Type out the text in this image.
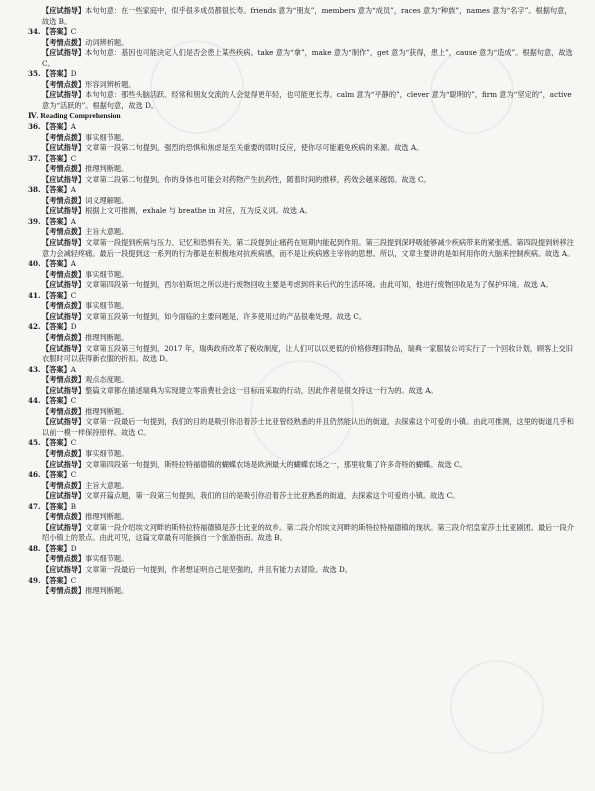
【应试指导】本句句意：在一些家庭中，似乎很多成员都很长寿。friends 意为“朋友”，members 意为“成员”，races 意为“种族”，names 意为“名字”。根据句意，故选 B。
34.【答案】C
【考情点拨】动词辨析题。
【应试指导】本句句意：基因也可能决定人们是否会患上某些疾病。take 意为“拿”，make 意为“制作”，get 意为“获得，患上”，cause 意为“造成”。根据句意，故选 C。
35.【答案】D
【考情点拨】形容词辨析题。
【应试指导】本句句意：那些头脑活跃、经常和朋友交流的人会觉得更年轻，也可能更长寿。calm 意为“平静的”，clever 意为“聪明的”，firm 意为“坚定的”，active 意为“活跃的”。根据句意，故选 D。
Ⅳ. Reading Comprehension
36.【答案】A
【考情点拨】事实细节题。
【应试指导】文章第一段第二句提到，强烈的恐惧和焦虑是至关重要的即时反应，使你尽可能避免疾病的来源。故选 A。
37.【答案】C
【考情点拨】推理判断题。
【应试指导】文章第二段第二句提到，你的身体也可能会对药物产生抗药性，随着时间的推移，药效会越来越弱。故选 C。
38.【答案】A
【考情点拨】词义理解题。
【应试指导】根据上文可推测，exhale 与 breathe in 对应，互为反义词。故选 A。
39.【答案】A
【考情点拨】主旨大意题。
【应试指导】文章第一段提到疾病与压力、记忆和恐惧有关。第二段提到止痛药在短期内能起到作用。第三段提到深呼吸能够减少疾病带来的紧张感。第四段提到转移注意力会减轻疼痛。最后一段提到这一系列的行为都是在积极地对抗疾病感，而不是让疾病感主宰你的思想。所以，文章主要讲的是如何用你的大脑来控制疾病。故选 A。
40.【答案】A
【考情点拨】事实细节题。
【应试指导】文章第四段第一句提到，西尔伯斯坦之所以进行废物回收主要是考虑到将来后代的生活环境。由此可知，他进行废物回收是为了保护环境。故选 A。
41.【答案】C
【考情点拨】事实细节题。
【应试指导】文章第五段第一句提到，如今面临的主要问题是，许多使用过的产品很难处理。故选 C。
42.【答案】D
【考情点拨】推理判断题。
【应试指导】文章第五段第三句提到，2017 年，瑞典政府改革了税收制度，让人们可以以更低的价格修理旧物品，瑞典一家服装公司实行了一个回收计划，顾客上交旧衣服时可以获得新衣服的折扣。故选 D。
43.【答案】A
【考情点拨】观点态度题。
【应试指导】整篇文章都在描述瑞典为实现建立零浪费社会这一目标而采取的行动，因此作者是很支持这一行为的。故选 A。
44.【答案】C
【考情点拨】推理判断题。
【应试指导】文章第一段最后一句提到，我们的目的是吸引你沿着莎士比亚曾经熟悉的并且仍然能认出的街道，去探索这个可爱的小镇。由此可推测，这里的街道几乎和以前一模一样保持原样。故选 C。
45.【答案】C
【考情点拨】事实细节题。
【应试指导】文章第四段第一句提到，斯特拉特福德镇的蝴蝶农场是欧洲最大的蝴蝶农场之一，那里收集了许多奇特的蝴蝶。故选 C。
46.【答案】C
【考情点拨】主旨大意题。
【应试指导】文章开篇点题，第一段第三句提到，我们的目的是吸引你沿着莎士比亚熟悉的街道，去探索这个可爱的小镇。故选 C。
47.【答案】B
【考情点拨】推理判断题。
【应试指导】文章第一段介绍埃文河畔的斯特拉特福德镇是莎士比亚的故乡。第二段介绍埃文河畔的斯特拉特福德镇的现状。第三段介绍皇家莎士比亚剧团。最后一段介绍小镇上的景点。由此可见，这篇文章最有可能摘自一个旅游指南。故选 B。
48.【答案】D
【考情点拨】事实细节题。
【应试指导】文章第一段最后一句提到，作者想证明自己是坚强的，并且有能力去冒险。故选 D。
49.【答案】C
【考情点拨】推理判断题。
